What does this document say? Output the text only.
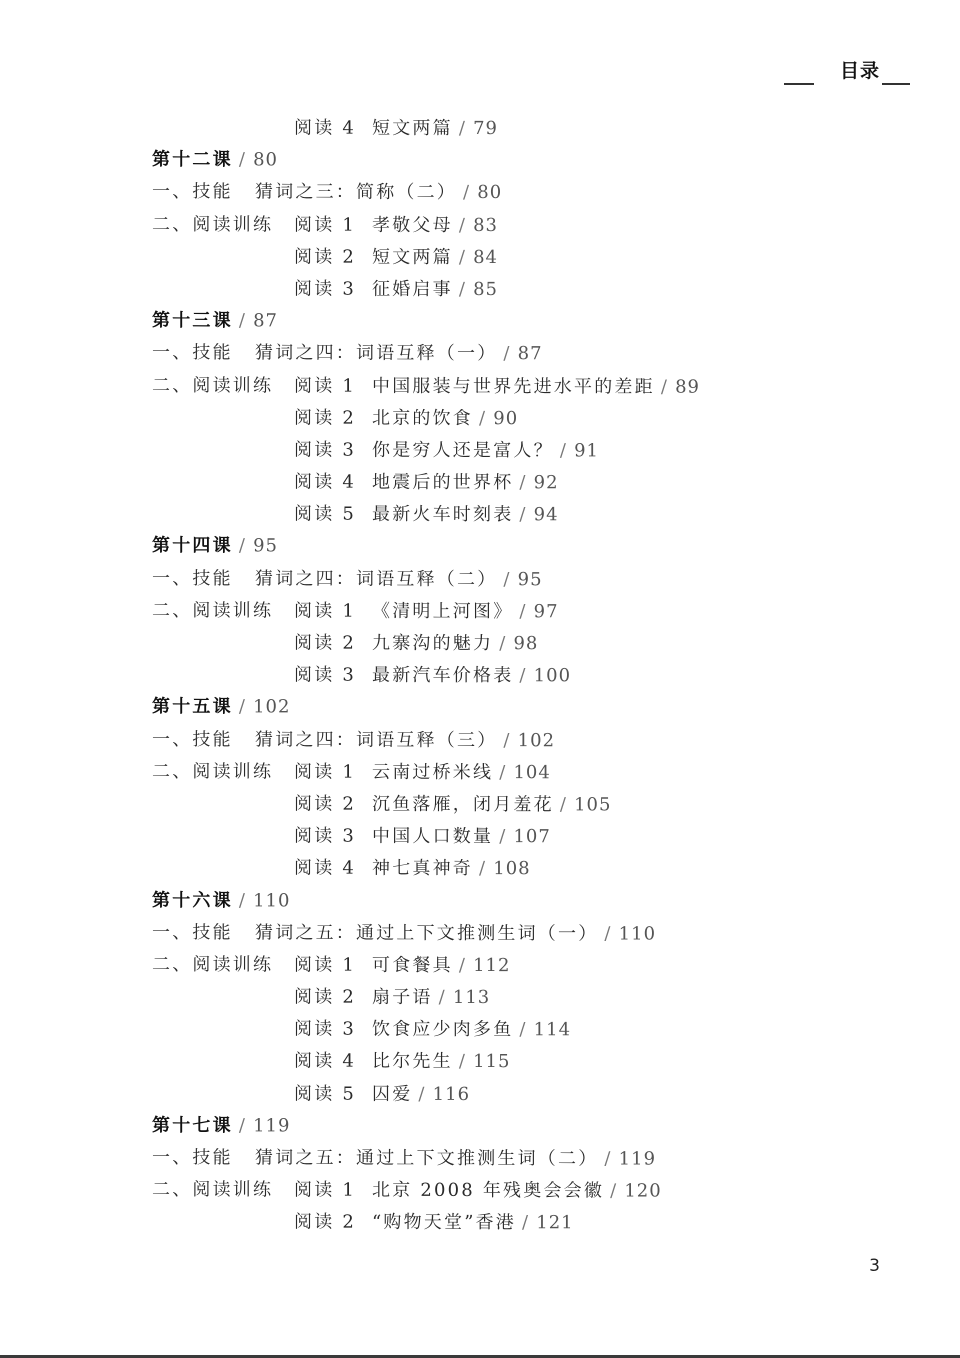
目录
阅读 4 短文两篇 / 79
第十二课 / 80
一、技能 猜词之三：简称（二） / 80
二、阅读训练 阅读 1 孝敬父母 / 83
阅读 2 短文两篇 / 84
阅读 3 征婚启事 / 85
第十三课 / 87
一、技能 猜词之四：词语互释（一） / 87
二、阅读训练 阅读 1 中国服装与世界先进水平的差距 / 89
阅读 2 北京的饮食 / 90
阅读 3 你是穷人还是富人？ / 91
阅读 4 地震后的世界杯 / 92
阅读 5 最新火车时刻表 / 94
第十四课 / 95
一、技能 猜词之四：词语互释（二） / 95
二、阅读训练 阅读 1 《清明上河图》 / 97
阅读 2 九寨沟的魅力 / 98
阅读 3 最新汽车价格表 / 100
第十五课 / 102
一、技能 猜词之四：词语互释（三） / 102
二、阅读训练 阅读 1 云南过桥米线 / 104
阅读 2 沉鱼落雁，闭月羞花 / 105
阅读 3 中国人口数量 / 107
阅读 4 神七真神奇 / 108
第十六课 / 110
一、技能 猜词之五：通过上下文推测生词（一） / 110
二、阅读训练 阅读 1 可食餐具 / 112
阅读 2 扇子语 / 113
阅读 3 饮食应少肉多鱼 / 114
阅读 4 比尔先生 / 115
阅读 5 囚爱 / 116
第十七课 / 119
一、技能 猜词之五：通过上下文推测生词（二） / 119
二、阅读训练 阅读 1 北京 2008 年残奥会会徽 / 120
阅读 2 “购物天堂”香港 / 121
3
